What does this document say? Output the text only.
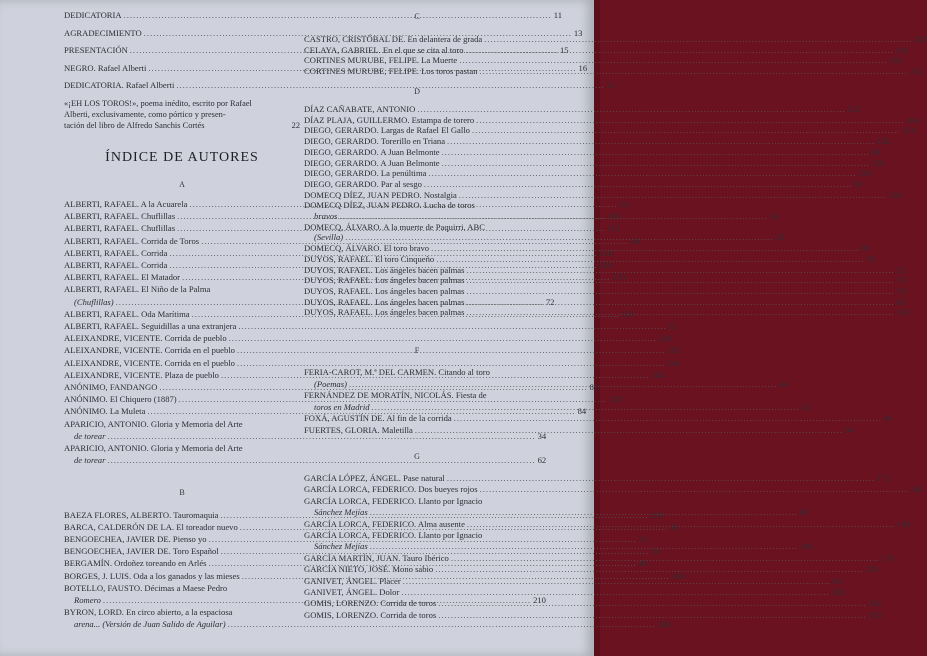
DEDICATORIA .....	11
AGRADECIMIENTO .....	13
PRESENTACIÓN .....	15
NEGRO. Rafael Alberti .....	16
DEDICATORIA. Rafael Alberti .....	21
«¡EH LOS TOROS!», poema inédito, escrito por Rafael
Alberti, exclusivamente, como pórtico y presen-
tación del libro de Alfredo Sanchis Cortés	22
ÍNDICE DE AUTORES
A
ALBERTI, RAFAEL. A la Acuarela .....	24
ALBERTI, RAFAEL. Chuflillas .....	106
ALBERTI, RAFAEL. Chuflillas .....	112
ALBERTI, RAFAEL. Corrida de Toros .....	48
ALBERTI, RAFAEL. Corrida .....	218
ALBERTI, RAFAEL. Corrida .....	220
ALBERTI, RAFAEL. El Matador .....	170
ALBERTI, RAFAEL. El Niño de la Palma
(Chuflillas) .....	72
ALBERTI, RAFAEL. Oda Marítima .....	156
ALBERTI, RAFAEL. Seguidillas a una extranjera .....	32
ALEIXANDRE, VICENTE. Corrida de pueblo .....	226
ALEIXANDRE, VICENTE. Corrida en el pueblo .....	192
ALEIXANDRE, VICENTE. Corrida en el pueblo .....	246
ALEIXANDRE, VICENTE. Plaza de pueblo .....	204
ANÓNIMO, FANDANGO .....	82
ANÓNIMO. El Chiquero (1887) .....	128
ANÓNIMO. La Muleta .....	84
APARICIO, ANTONIO. Gloria y Memoria del Arte
de torear .....	34
APARICIO, ANTONIO. Gloria y Memoria del Arte
de torear .....	62
B
BAEZA FLORES, ALBERTO. Tauromaquia .....	196
BARCA, CALDERÓN DE LA. El toreador nuevo .....	38
BENGOECHEA, JAVIER DE. Pienso yo .....	74
BENGOECHEA, JAVIER DE. Toro Español .....	56
BERGAMÍN. Ordoñez toreando en Arlés .....	46
BORGES, J. LUIS. Oda a los ganados y las mieses .....	194
BOTELLO, FAUSTO. Décimas a Maese Pedro
Romero .....	210
BYRON, LORD. En circo abierto, a la espaciosa
arena... (Versión de Juan Salido de Aguilar) .....	248
C
CASTRO, CRISTÓBAL DE. En delantera de grada .....	202
CELAYA, GABRIEL. En el que se cita al toro .....	116
CORTINES MURUBE, FELIPE. La Muerte .....	102
CORTINES MURUBE, FELIPE. Los toros pastan .....	232
D
DÍAZ CAÑABATE, ANTONIO .....	152
DÍAZ PLAJA, GUILLERMO. Estampa de torero .....	164
DIEGO, GERARDO. Largas de Rafael El Gallo .....	124
DIEGO, GERARDO. Torerillo en Triana .....	182
DIEGO, GERARDO. A Juan Belmonte .....	96
DIEGO, GERARDO. A Juan Belmonte .....	158
DIEGO, GERARDO. La penúltima .....	216
DIEGO, GERARDO. Par al sesgo .....	98
DOMECQ DÍEZ, JUAN PEDRO. Nostalgia .....	200
DOMECQ DÍEZ, JUAN PEDRO. Lucha de toros
bravos .....	54
DOMECQ, ÁLVARO. A la muerte de Paquirri. ABC
(Sevilla) .....	28
DOMECQ, ÁLVARO. El toro bravo .....	90
DUYOS, RAFAEL. El toro Cinqueño .....	70
DUYOS, RAFAEL. Los ángeles bacen palmas .....	52
DUYOS, RAFAEL. Los ángeles bacen palmas .....	76
DUYOS, RAFAEL. Los ángeles bacen palmas .....	78
DUYOS, RAFAEL. Los ángeles bacen palmas .....	80
DUYOS, RAFAEL. Los ángeles bacen palmas .....	150
F
FERIA-CAROT, M.ª DEL CARMEN. Citando al toro
(Poemas) .....	44
FERNÁNDEZ DE MORATÍN, NICOLÁS. Fiesta de
toros en Madrid .....	42
FOXÁ, AGUSTÍN DE. Al fin de la corrida .....	46
FUERTES, GLORIA. Maletilla .....	94
G
GARCÍA LÓPEZ, ÁNGEL. Pase natural .....	172
GARCÍA LORCA, FEDERICO. Dos bueyes rojos .....	168
GARCÍA LORCA, FEDERICO. Llanto por Ignacio
Sánchez Mejías .....	68
GARCÍA LORCA, FEDERICO. Alma ausente .....	190
GARCÍA LORCA, FEDERICO. Llanto por Ignacio
Sánchez Mejías .....	146
GARCÍA MARTÍN, JUAN. Tauro Ibérico .....	176
GARCÍA NIETO, JOSÉ. Mono sabio .....	236
GANIVET, ÁNGEL. Placer .....	86
GANIVET, ÁNGEL. Dolor .....	208
GOMIS, LORENZO. Corrida de toros .....	162
GOMIS, LORENZO. Corrida de toros .....	250
